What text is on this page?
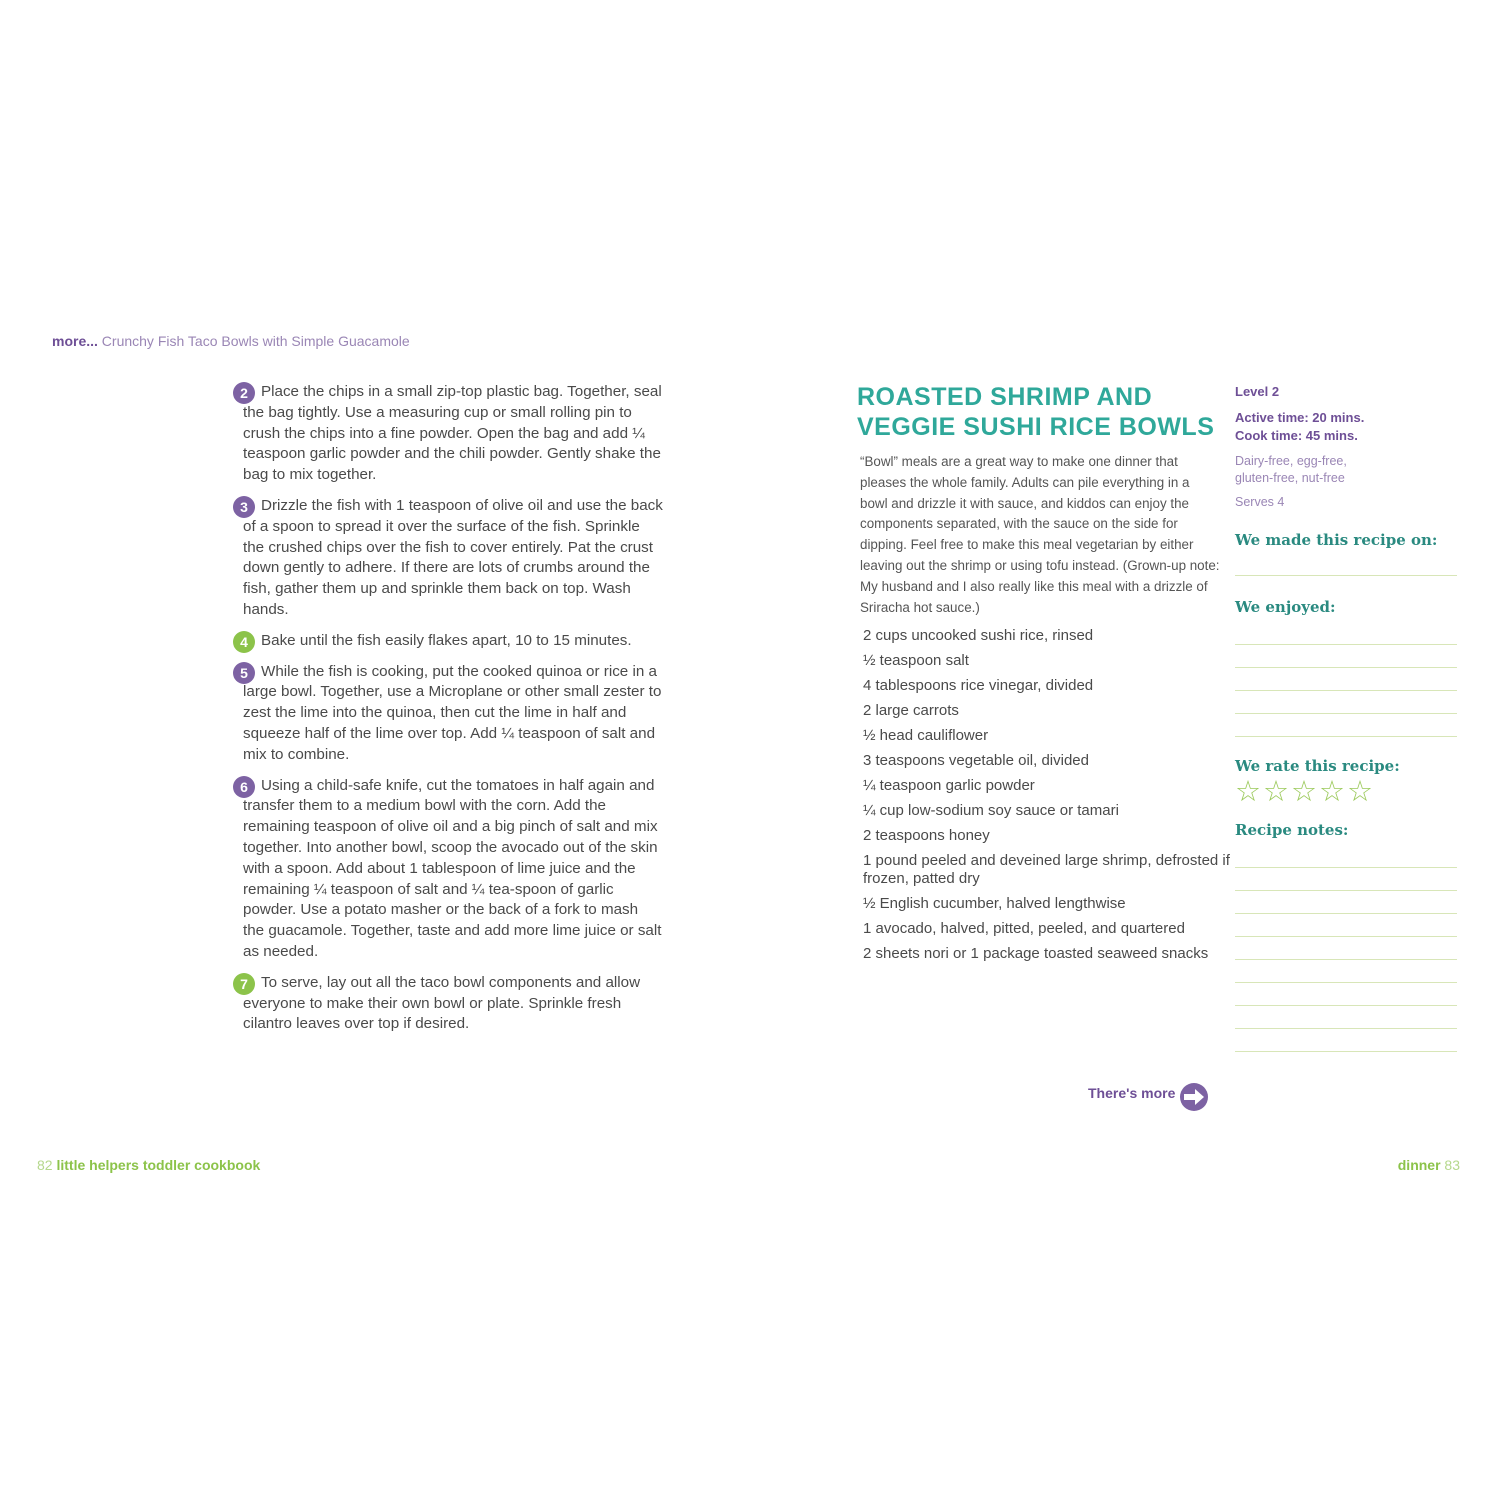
more... Crunchy Fish Taco Bowls with Simple Guacamole
2 Place the chips in a small zip-top plastic bag. Together, seal the bag tightly. Use a measuring cup or small rolling pin to crush the chips into a fine powder. Open the bag and add ¼ teaspoon garlic powder and the chili powder. Gently shake the bag to mix together.
3 Drizzle the fish with 1 teaspoon of olive oil and use the back of a spoon to spread it over the surface of the fish. Sprinkle the crushed chips over the fish to cover entirely. Pat the crust down gently to adhere. If there are lots of crumbs around the fish, gather them up and sprinkle them back on top. Wash hands.
4 Bake until the fish easily flakes apart, 10 to 15 minutes.
5 While the fish is cooking, put the cooked quinoa or rice in a large bowl. Together, use a Microplane or other small zester to zest the lime into the quinoa, then cut the lime in half and squeeze half of the lime over top. Add ¼ teaspoon of salt and mix to combine.
6 Using a child-safe knife, cut the tomatoes in half again and transfer them to a medium bowl with the corn. Add the remaining teaspoon of olive oil and a big pinch of salt and mix together. Into another bowl, scoop the avocado out of the skin with a spoon. Add about 1 tablespoon of lime juice and the remaining ¼ teaspoon of salt and ¼ tea-spoon of garlic powder. Use a potato masher or the back of a fork to mash the guacamole. Together, taste and add more lime juice or salt as needed.
7 To serve, lay out all the taco bowl components and allow everyone to make their own bowl or plate. Sprinkle fresh cilantro leaves over top if desired.
82 little helpers toddler cookbook
ROASTED SHRIMP AND VEGGIE SUSHI RICE BOWLS
“Bowl” meals are a great way to make one dinner that pleases the whole family. Adults can pile everything in a bowl and drizzle it with sauce, and kiddos can enjoy the components separated, with the sauce on the side for dipping. Feel free to make this meal vegetarian by either leaving out the shrimp or using tofu instead. (Grown-up note: My husband and I also really like this meal with a drizzle of Sriracha hot sauce.)
2 cups uncooked sushi rice, rinsed
½ teaspoon salt
4 tablespoons rice vinegar, divided
2 large carrots
½ head cauliflower
3 teaspoons vegetable oil, divided
¼ teaspoon garlic powder
¼ cup low-sodium soy sauce or tamari
2 teaspoons honey
1 pound peeled and deveined large shrimp, defrosted if frozen, patted dry
½ English cucumber, halved lengthwise
1 avocado, halved, pitted, peeled, and quartered
2 sheets nori or 1 package toasted seaweed snacks
Level 2
Active time: 20 mins.
Cook time: 45 mins.
Dairy-free, egg-free, gluten-free, nut-free
Serves 4
We made this recipe on:
We enjoyed:
We rate this recipe:
☆☆☆☆☆
Recipe notes:
There's more
dinner 83
